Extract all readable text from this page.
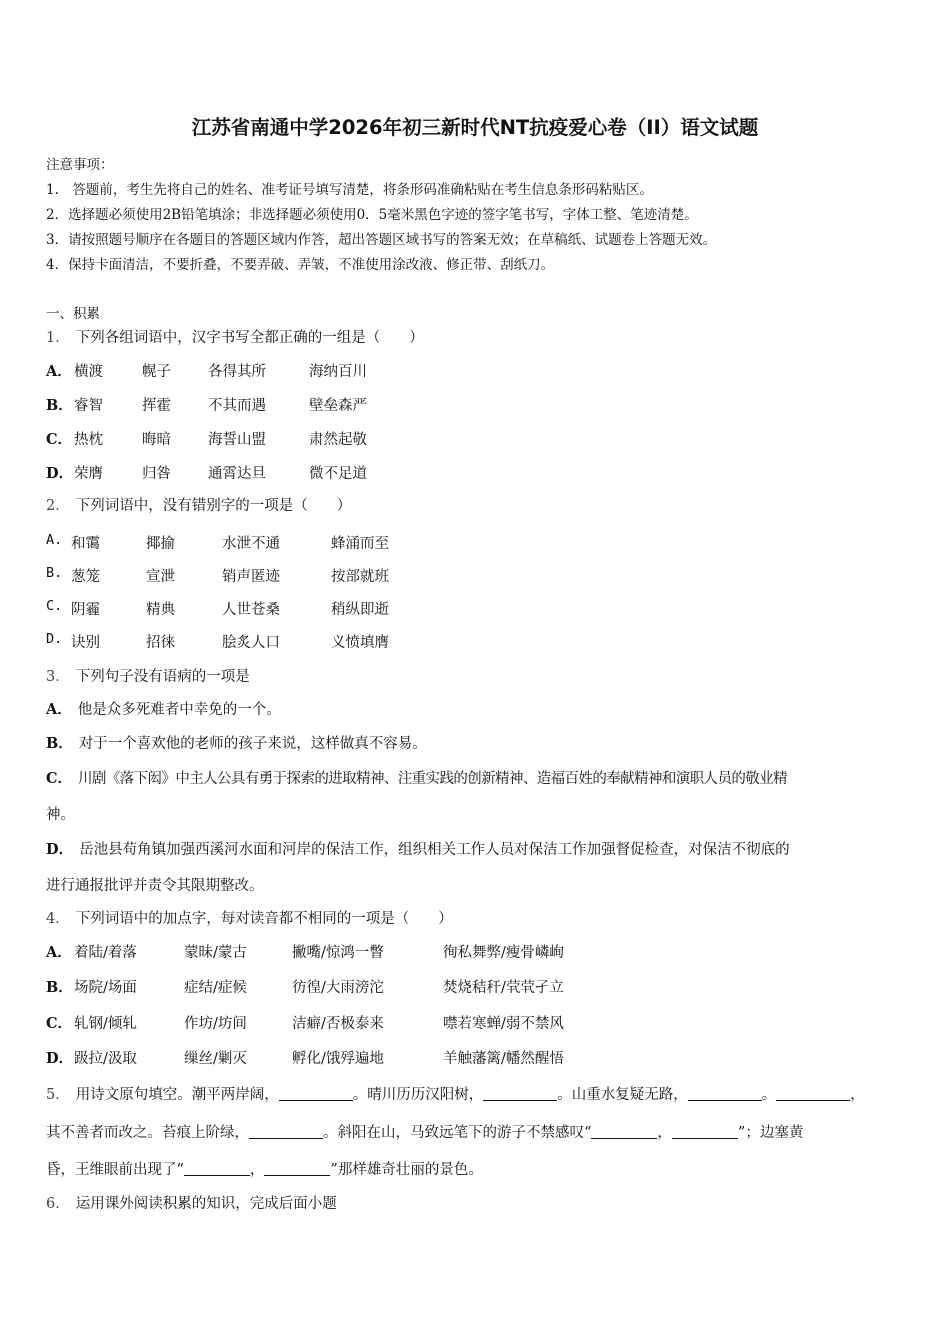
江苏省南通中学2026年初三新时代NT抗疫爱心卷（II）语文试题
注意事项：
1.　答题前，考生先将自己的姓名、准考证号填写清楚，将条形码准确粘贴在考生信息条形码粘贴区。
2．选择题必须使用2B铅笔填涂；非选择题必须使用0．5毫米黑色字迹的签字笔书写，字体工整、笔迹清楚。
3．请按照题号顺序在各题目的答题区域内作答，超出答题区域书写的答案无效；在草稿纸、试题卷上答题无效。
4．保持卡面清洁，不要折叠，不要弄破、弄皱，不准使用涂改液、修正带、刮纸刀。
一、积累
1． 下列各组词语中，汉字书写全都正确的一组是（　　）
A． 横渡	幌子	各得其所	海纳百川
B． 睿智	挥霍	不其而遇	壁垒森严
C． 热枕	晦暗	海誓山盟	肃然起敬
D． 荣膺	归咎	通霄达旦	微不足道
2． 下列词语中，没有错别字的一项是（　　）
A. 和霭	揶揄	水泄不通	蜂涌而至
B. 葱笼	宣泄	销声匿迹	按部就班
C. 阴霾	精典	人世苍桑	稍纵即逝
D. 诀别	招徕	脍炙人口	义愤填膺
3． 下列句子没有语病的一项是
A． 他是众多死难者中幸免的一个。
B． 对于一个喜欢他的老师的孩子来说，这样做真不容易。
C． 川剧《落下闳》中主人公具有勇于探索的进取精神、注重实践的创新精神、造福百姓的奉献精神和演职人员的敬业精
神。
D． 岳池县苟角镇加强西溪河水面和河岸的保洁工作，组织相关工作人员对保洁工作加强督促检查，对保洁不彻底的
进行通报批评并责令其限期整改。
4． 下列词语中的加点字，每对读音都不相同的一项是（　　）
A． 着陆/着落	蒙昧/蒙古	撇嘴/惊鸿一瞥	徇私舞弊/瘦骨嶙峋
B． 场院/场面	症结/症候	彷徨/大雨滂沱	焚烧秸秆/茕茕孑立
C． 轧钢/倾轧	作坊/坊间	洁癖/否极泰来	噤若寒蝉/弱不禁风
D． 趿拉/汲取	缫丝/剿灭	孵化/饿殍遍地	羊触藩篱/幡然醒悟
5． 用诗文原句填空。潮平两岸阔，	。晴川历历汉阳树，	。山重水复疑无路，	。	，
其不善者而改之。苔痕上阶绿，	。斜阳在山，马致远笔下的游子不禁感叹“	，	”；边塞黄
昏，王维眼前出现了“	，	”那样雄奇壮丽的景色。
6． 运用课外阅读积累的知识，完成后面小题
